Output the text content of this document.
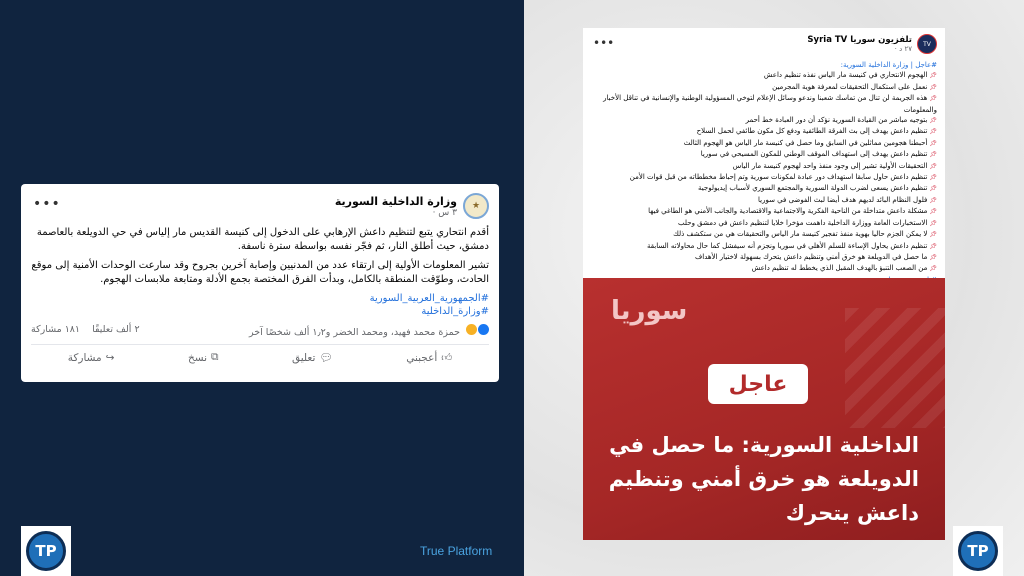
•••	★
وزارة الداخلية السورية
٣ س ·

أقدم انتحاري يتبع لتنظيم داعش الإرهابي على الدخول إلى كنيسة القديس مار إلياس في حي الدويلعة بالعاصمة دمشق، حيث أطلق النار، ثم فجّر نفسه بواسطة سترة ناسفة.

تشير المعلومات الأولية إلى ارتقاء عدد من المدنيين وإصابة آخرين بجروح وقد سارعت الوحدات الأمنية إلى موقع الحادث، وطوّقت المنطقة بالكامل، وبدأت الفرق المختصة بجمع الأدلة ومتابعة ملابسات الهجوم.

#الجمهورية_العربية_السورية
#وزارة_الداخلية
حمزة محمد فهيد، ومحمد الخضر و١٫٢ ألف شخصًا آخر
٢ ألف تعليقًا    ١٨١ مشاركة
👍︎
أعجبني
💬︎
تعليق
⧉
نسخ
↪
مشاركة
TP	True Platform	TP
•••	TV
تلفزيون سوريا Syria TV
٢٧ د ·
#عاجل | وزارة الداخلية السورية:
📌︎الهجوم الانتحاري في كنيسة مار الياس نفذه تنظيم داعش
📌︎نعمل على استكمال التحقيقات لمعرفة هوية المجرمين
📌︎هذه الجريمة لن تنال من تماسك شعبنا وندعو وسائل الإعلام لتوخي المسؤولية الوطنية والإنسانية في تناقل الأخبار والمعلومات
📌︎بتوجيه مباشر من القيادة السورية نؤكد أن دور العبادة خط أحمر
📌︎تنظيم داعش يهدف إلى بث الفرقة الطائفية ودفع كل مكون طائفي لحمل السلاح
📌︎أحبطنا هجومين مماثلين في السابق وما حصل في كنيسة مار الياس هو الهجوم الثالث
📌︎تنظيم داعش يهدف إلى استهداف الموقف الوطني للمكون المسيحي في سوريا
📌︎التحقيقات الأولية تشير إلى وجود منفذ واحد لهجوم كنيسة مار الياس
📌︎تنظيم داعش حاول سابقا استهداف دور عبادة لمكونات سورية وتم إحباط مخططاته من قبل قوات الأمن
📌︎تنظيم داعش يسعى لضرب الدولة السورية والمجتمع السوري لأسباب إيديولوجية
📌︎فلول النظام البائد لديهم هدف أيضا لبث الفوضى في سوريا
📌︎مشكلة داعش متداخلة من الناحية الفكرية والاجتماعية والاقتصادية والجانب الأمني هو الطاغي فيها
📌︎الاستخبارات العامة ووزارة الداخلية داهمت مؤخرا خلايا لتنظيم داعش في دمشق وحلب
📌︎لا يمكن الجزم حاليا بهوية منفذ تفجير كنيسة مار الياس والتحقيقات هي من ستكشف ذلك
📌︎تنظيم داعش يحاول الإساءة للسلم الأهلي في سوريا ونجزم أنه سيفشل كما حال محاولاته السابقة
📌︎ما حصل في الدويلعة هو خرق أمني وتنظيم داعش يتحرك بسهولة لاختيار الأهداف
📌︎من الصعب التنبؤ بالهدف المقبل الذي يخطط له تنظيم داعش
سوريا
عاجل
الداخلية السورية: ما حصل في الدويلعة هو خرق أمني وتنظيم داعش يتحرك
